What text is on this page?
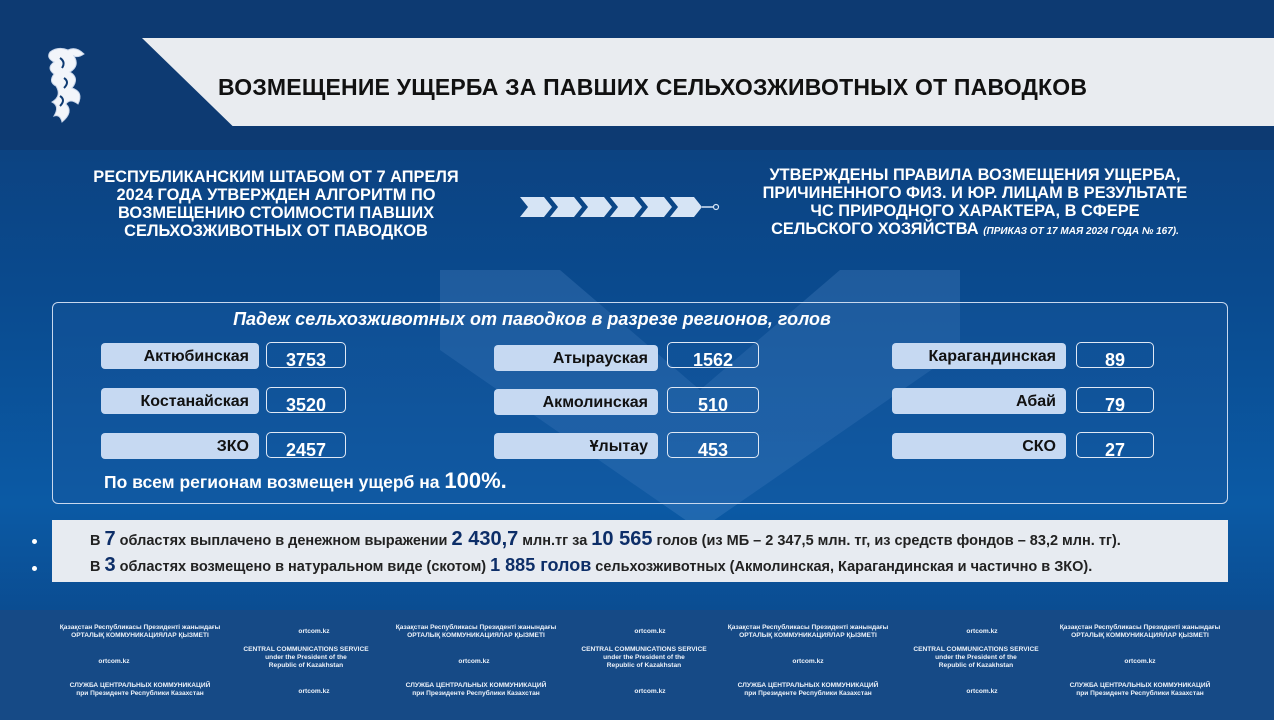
ВОЗМЕЩЕНИЕ УЩЕРБА ЗА ПАВШИХ СЕЛЬХОЗЖИВОТНЫХ ОТ ПАВОДКОВ
РЕСПУБЛИКАНСКИМ ШТАБОМ ОТ 7 АПРЕЛЯ
2024 ГОДА УТВЕРЖДЕН АЛГОРИТМ ПО
ВОЗМЕЩЕНИЮ СТОИМОСТИ ПАВШИХ
СЕЛЬХОЗЖИВОТНЫХ ОТ ПАВОДКОВ
УТВЕРЖДЕНЫ ПРАВИЛА ВОЗМЕЩЕНИЯ УЩЕРБА,
ПРИЧИНЕННОГО ФИЗ. И ЮР. ЛИЦАМ В РЕЗУЛЬТАТЕ
ЧС ПРИРОДНОГО ХАРАКТЕРА, В СФЕРЕ
СЕЛЬСКОГО ХОЗЯЙСТВА (ПРИКАЗ ОТ 17 МАЯ 2024 ГОДА № 167).
Падеж сельхозживотных от паводков в разрезе регионов, голов
Актюбинская	3753
Костанайская	3520
ЗКО	2457
Атырауская	1562
Акмолинская	510
Ұлытау	453
Карагандинская	89
Абай	79
СКО	27
По всем регионам возмещен ущерб на 100%.
В 7 областях выплачено в денежном выражении 2 430,7 млн.тг за 10 565 голов (из МБ – 2 347,5 млн. тг, из средств фондов – 83,2 млн. тг).
В 3 областях возмещено в натуральном виде (скотом) 1 885 голов сельхозживотных (Акмолинская, Карагандинская и частично в ЗКО).
Қазақстан Республикасы Президенті жанындағы
ОРТАЛЫҚ КОММУНИКАЦИЯЛАР ҚЫЗМЕТІ
ortcom.kz
Қазақстан Республикасы Президенті жанындағы
ОРТАЛЫҚ КОММУНИКАЦИЯЛАР ҚЫЗМЕТІ
ortcom.kz
Қазақстан Республикасы Президенті жанындағы
ОРТАЛЫҚ КОММУНИКАЦИЯЛАР ҚЫЗМЕТІ
ortcom.kz
Қазақстан Республикасы Президенті жанындағы
ОРТАЛЫҚ КОММУНИКАЦИЯЛАР ҚЫЗМЕТІ
ortcom.kz
CENTRAL COMMUNICATIONS SERVICE
under the President of the
Republic of Kazakhstan
ortcom.kz
CENTRAL COMMUNICATIONS SERVICE
under the President of the
Republic of Kazakhstan
ortcom.kz
CENTRAL COMMUNICATIONS SERVICE
under the President of the
Republic of Kazakhstan
ortcom.kz
СЛУЖБА ЦЕНТРАЛЬНЫХ КОММУНИКАЦИЙ
при Президенте Республики Казахстан	ortcom.kz
СЛУЖБА ЦЕНТРАЛЬНЫХ КОММУНИКАЦИЙ
при Президенте Республики Казахстан	ortcom.kz
СЛУЖБА ЦЕНТРАЛЬНЫХ КОММУНИКАЦИЙ
при Президенте Республики Казахстан	ortcom.kz
СЛУЖБА ЦЕНТРАЛЬНЫХ КОММУНИКАЦИЙ
при Президенте Республики Казахстан
